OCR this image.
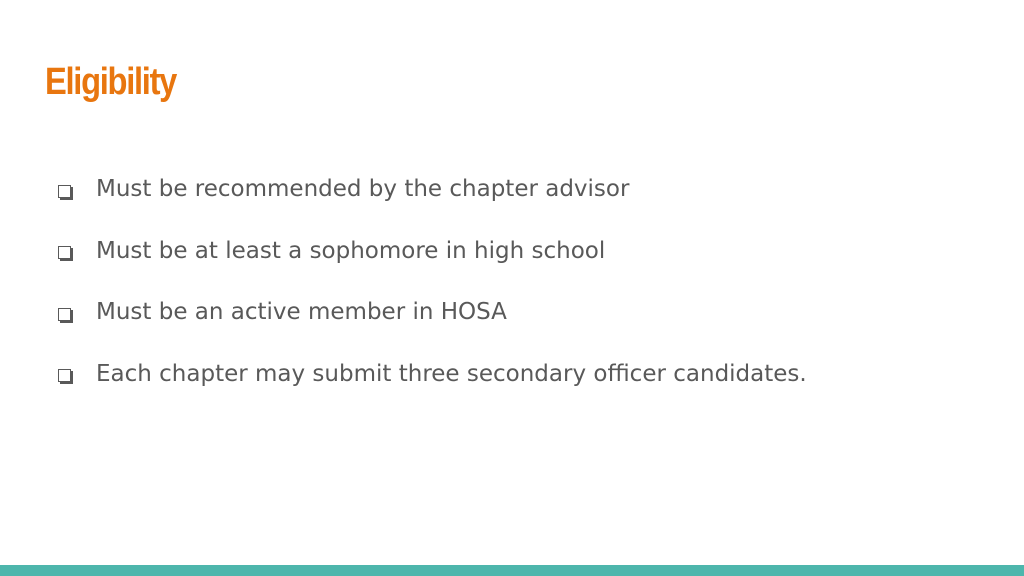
Eligibility
Must be recommended by the chapter advisor
Must be at least a sophomore in high school
Must be an active member in HOSA
Each chapter may submit three secondary officer candidates.
